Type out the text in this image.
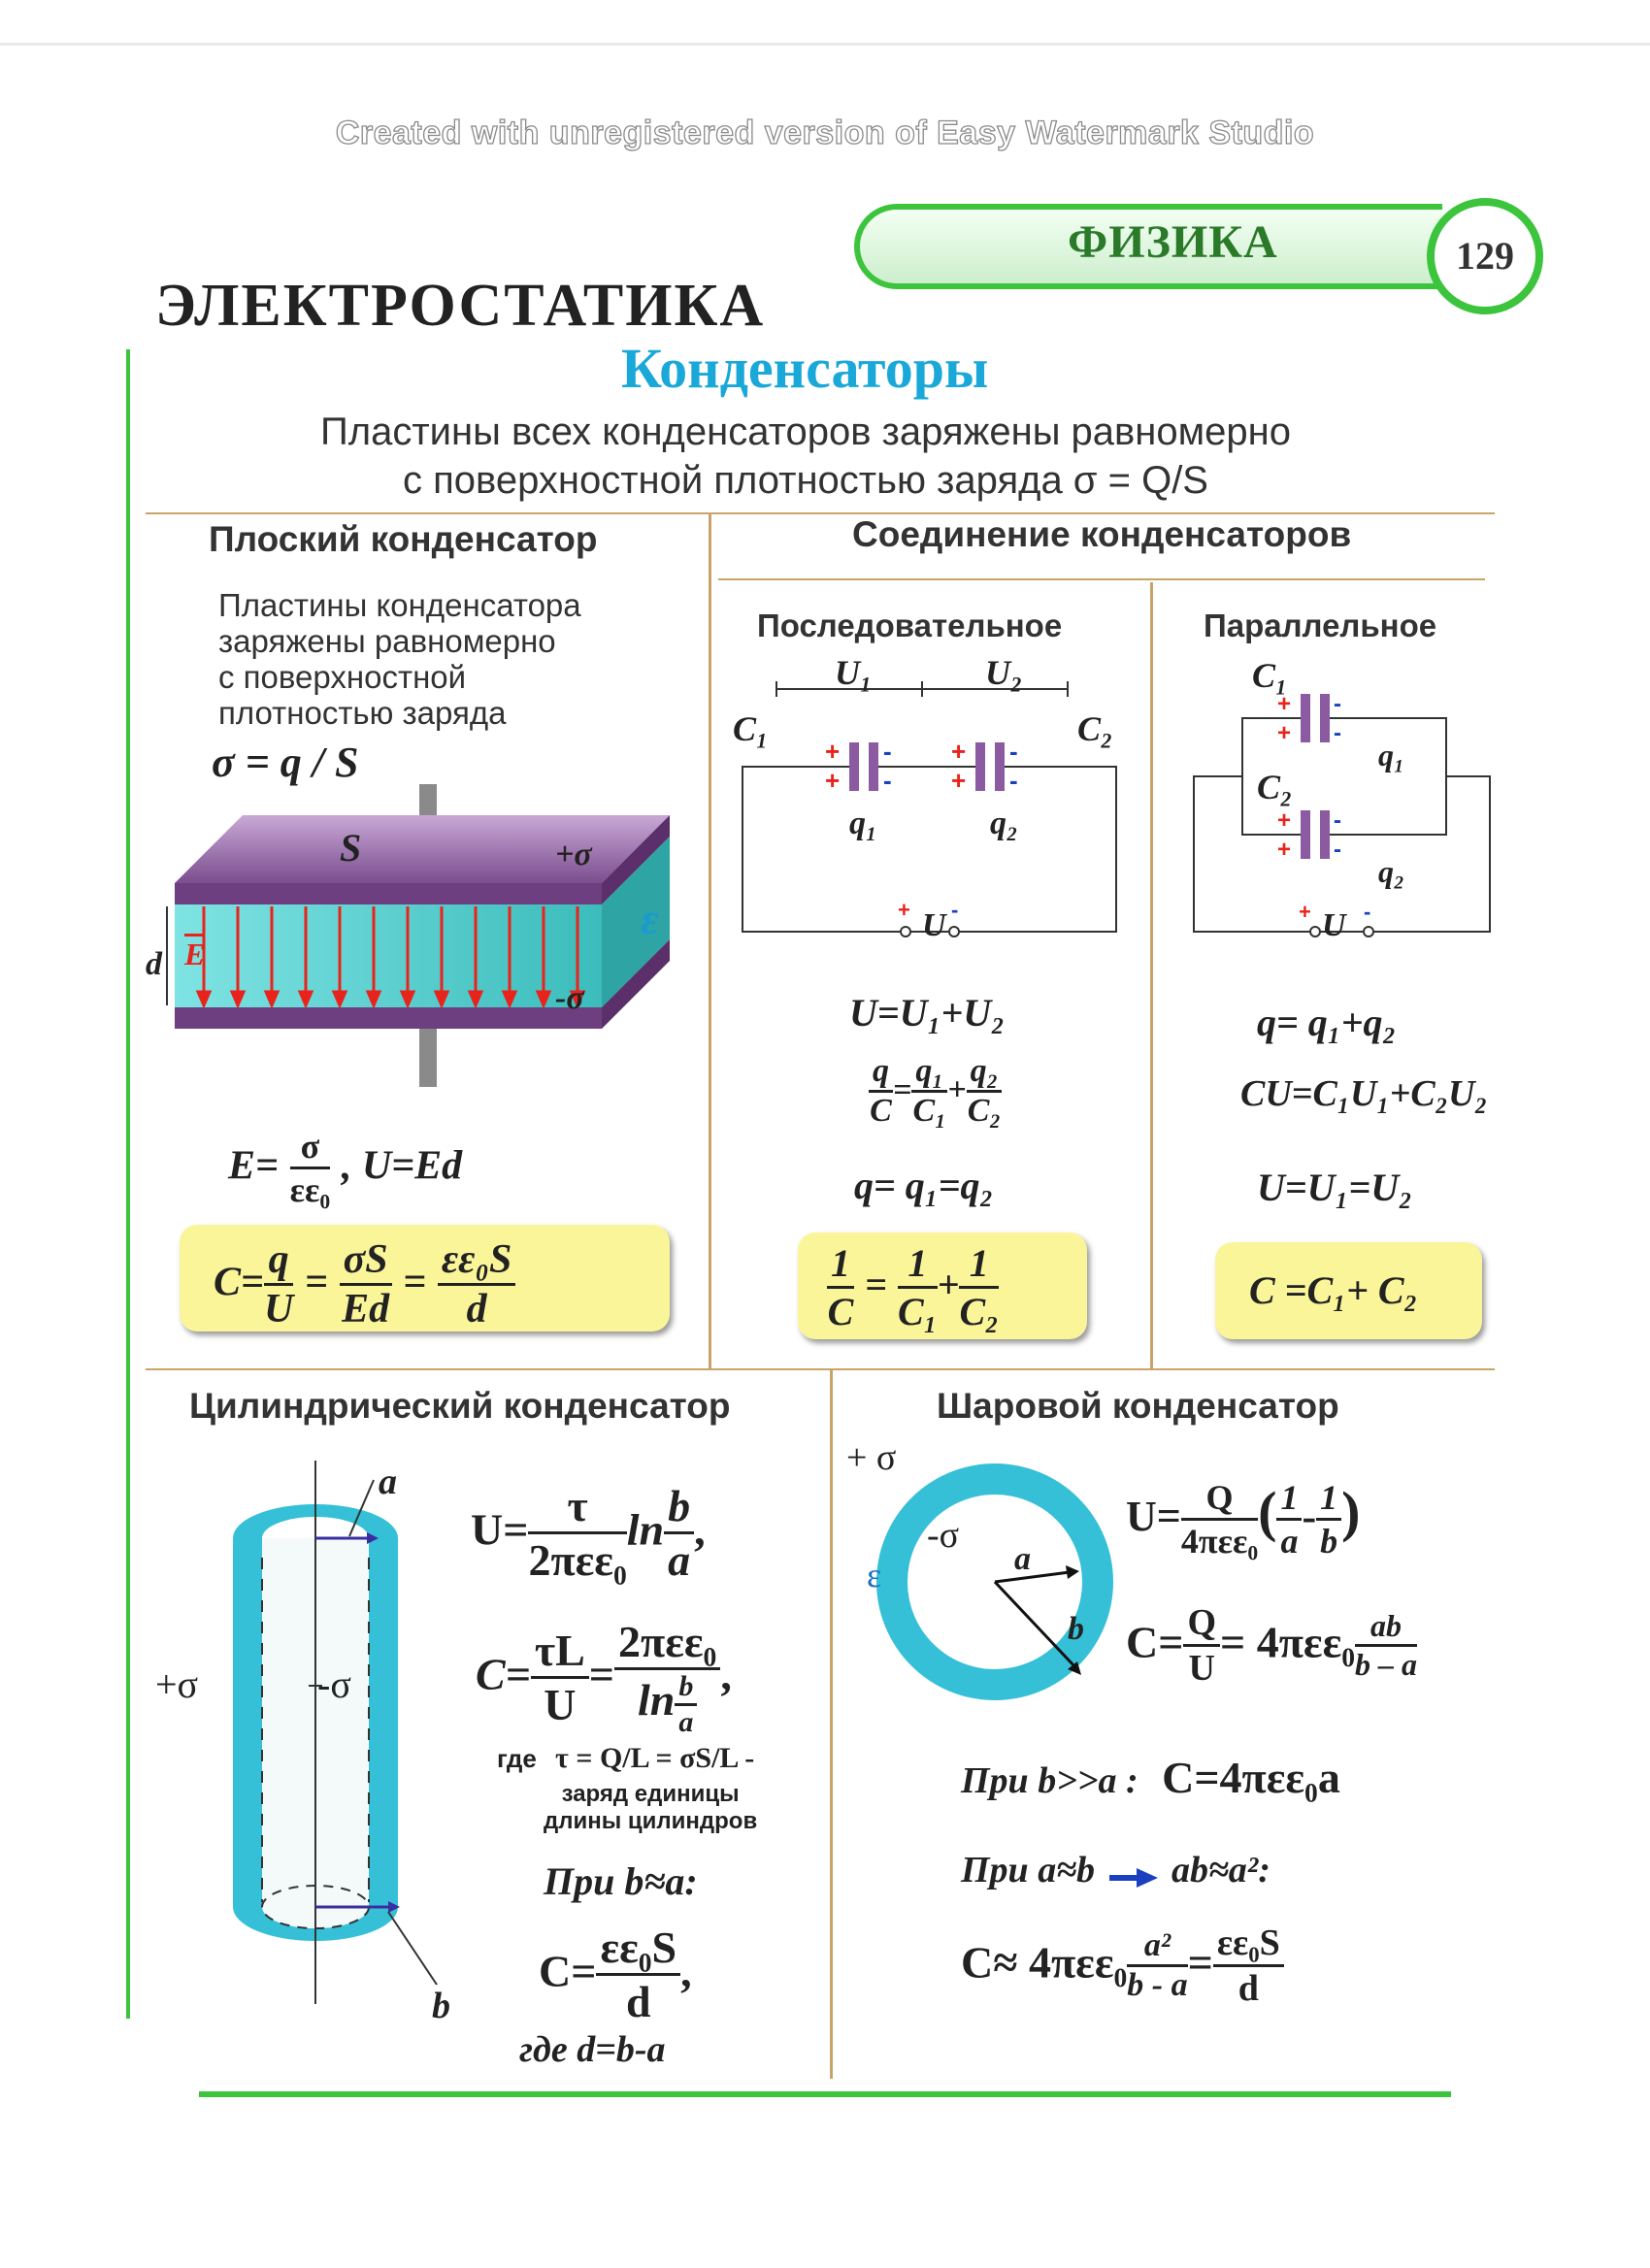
Created with unregistered version of Easy Watermark Studio
ФИЗИКА	129
ЭЛЕКТРОСТАТИКА
Конденсаторы
Пластины всех конденсаторов заряжены равномерно
с поверхностной плотностью заряда σ = Q/S
Плоский конденсатор
Пластины конденсатора
заряжены равномерно
с поверхностной
плотностью заряда
σ = q / S
S	+σ
-σ
ε
d $\overline{E}$
$E= \frac{\sigma}{\text{εε₀}}$ , U=Ed
$C= \frac{q}{U} = \frac{\sigma S}{Ed} = \frac{\text{εε₀S}}{d}$
Соединение конденсаторов
Последовательное
+
+
-
-
+
+
-
-
+ -
U₁	U₂
C₁	C₂
q₁	q₂
U
U=U₁+U₂
$\frac{q}{C} = \frac{\text{q₁}}{\text{C₁}} + \frac{\text{q₂}}{\text{C₂}}$
q= q₁=q₂
$\frac{1}{C} = \frac{1}{\text{C₁}} + \frac{1}{\text{C₂}}$
Параллельное
+
+
-
-
+
+
-
-
+ -
C₁
C₂
q₁
q₂
U
q= q₁+q₂
CU=C₁U₁+C₂U₂
U=U₁=U₂
C =C₁+ C₂
Цилиндрический конденсатор
a
b
+σ	-σ
$U= \frac{\tau}{\text{2πεε₀}}$ $\ln \frac{b}{a}$ ,
$C= \frac{\tau L}{U} = \frac{\text{2πεε₀}}{\ln \frac{b}{a}}$ ,
где τ = Q/L = σS/L -
заряд единицы
длины цилиндров
При b≈a:
$C= \frac{\text{εε₀S}}{d}$ ,
где d=b-a
Шаровой конденсатор
+ σ
-σ
ε	a
b
$U= \frac{Q}{\text{4πεε₀}}$ ( $\frac{1}{a} - \frac{1}{b}$ )
$C= \frac{Q}{U} = 4\pi\varepsilon\varepsilon_0 \frac{ab}{b - a}$
При b>>a : C=4πεε₀a
При a≈b ab≈a²:
$C\approx 4\pi\varepsilon\varepsilon_0 \frac{\text{a²}}{b - a} = \frac{\text{εε₀S}}{d}$
